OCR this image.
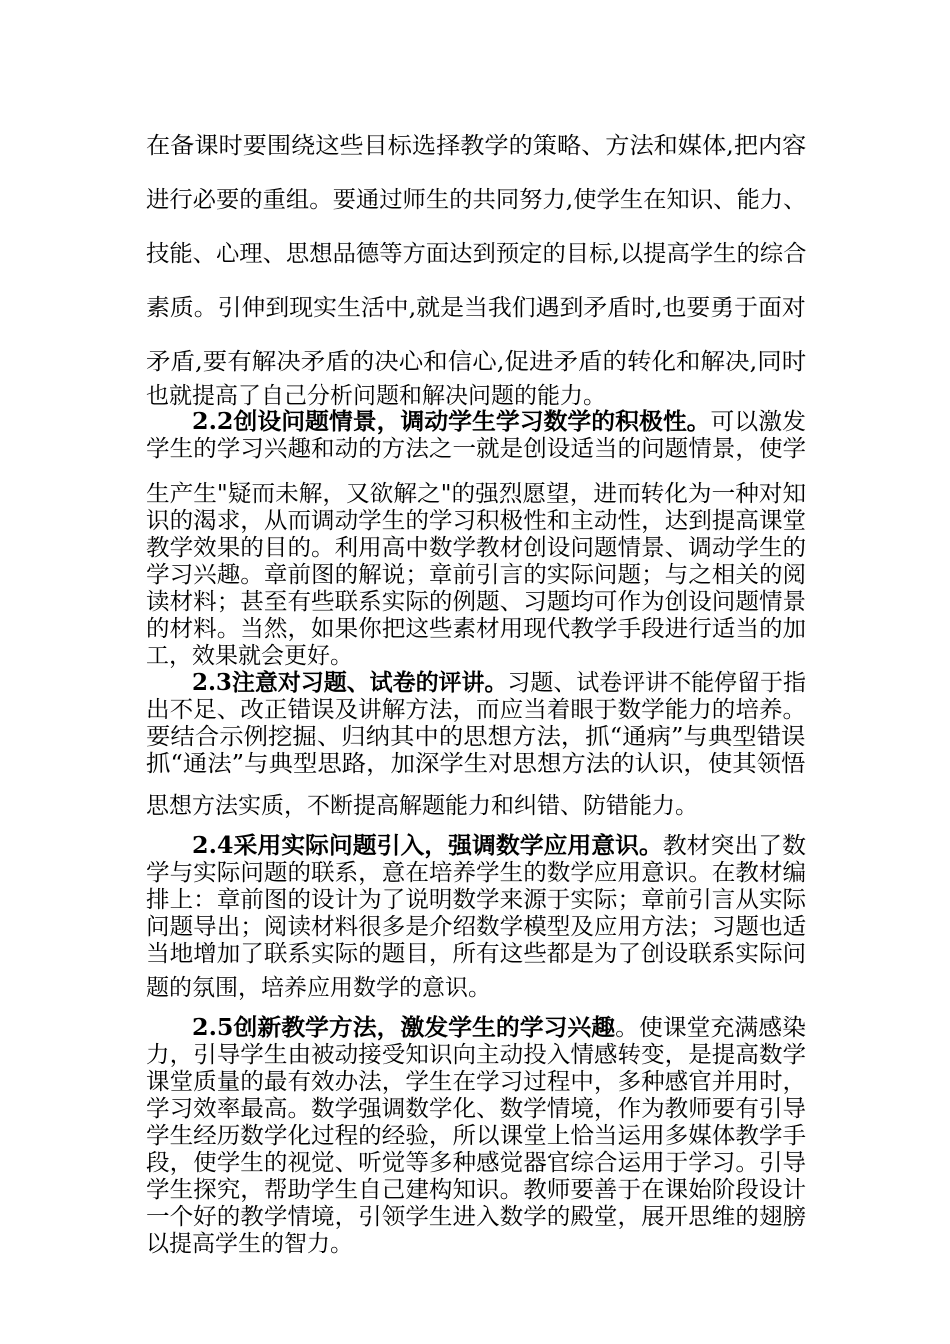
在备课时要围绕这些目标选择教学的策略、方法和媒体,把内容
进行必要的重组。要通过师生的共同努力,使学生在知识、能力、
技能、心理、思想品德等方面达到预定的目标,以提高学生的综合
素质。引伸到现实生活中,就是当我们遇到矛盾时,也要勇于面对
矛盾,要有解决矛盾的决心和信心,促进矛盾的转化和解决,同时
也就提高了自己分析问题和解决问题的能力。
2.2创设问题情景，调动学生学习数学的积极性。可以激发
学生的学习兴趣和动的方法之一就是创设适当的问题情景，使学
生产生"疑而未解，又欲解之"的强烈愿望，进而转化为一种对知
识的渴求，从而调动学生的学习积极性和主动性，达到提高课堂
教学效果的目的。利用高中数学教材创设问题情景、调动学生的
学习兴趣。章前图的解说；章前引言的实际问题；与之相关的阅
读材料；甚至有些联系实际的例题、习题均可作为创设问题情景
的材料。当然，如果你把这些素材用现代教学手段进行适当的加
工，效果就会更好。
2.3注意对习题、试卷的评讲。习题、试卷评讲不能停留于指
出不足、改正错误及讲解方法，而应当着眼于数学能力的培养。
要结合示例挖掘、归纳其中的思想方法，抓“通病”与典型错误
抓“通法”与典型思路，加深学生对思想方法的认识，使其领悟
思想方法实质，不断提高解题能力和纠错、防错能力。
2.4采用实际问题引入，强调数学应用意识。教材突出了数
学与实际问题的联系，意在培养学生的数学应用意识。在教材编
排上：章前图的设计为了说明数学来源于实际；章前引言从实际
问题导出；阅读材料很多是介绍数学模型及应用方法；习题也适
当地增加了联系实际的题目，所有这些都是为了创设联系实际问
题的氛围，培养应用数学的意识。
2.5创新教学方法，激发学生的学习兴趣。使课堂充满感染
力，引导学生由被动接受知识向主动投入情感转变，是提高数学
课堂质量的最有效办法，学生在学习过程中，多种感官并用时，
学习效率最高。数学强调数学化、数学情境，作为教师要有引导
学生经历数学化过程的经验，所以课堂上恰当运用多媒体教学手
段，使学生的视觉、听觉等多种感觉器官综合运用于学习。引导
学生探究，帮助学生自己建构知识。教师要善于在课始阶段设计
一个好的教学情境，引领学生进入数学的殿堂，展开思维的翅膀
以提高学生的智力。
